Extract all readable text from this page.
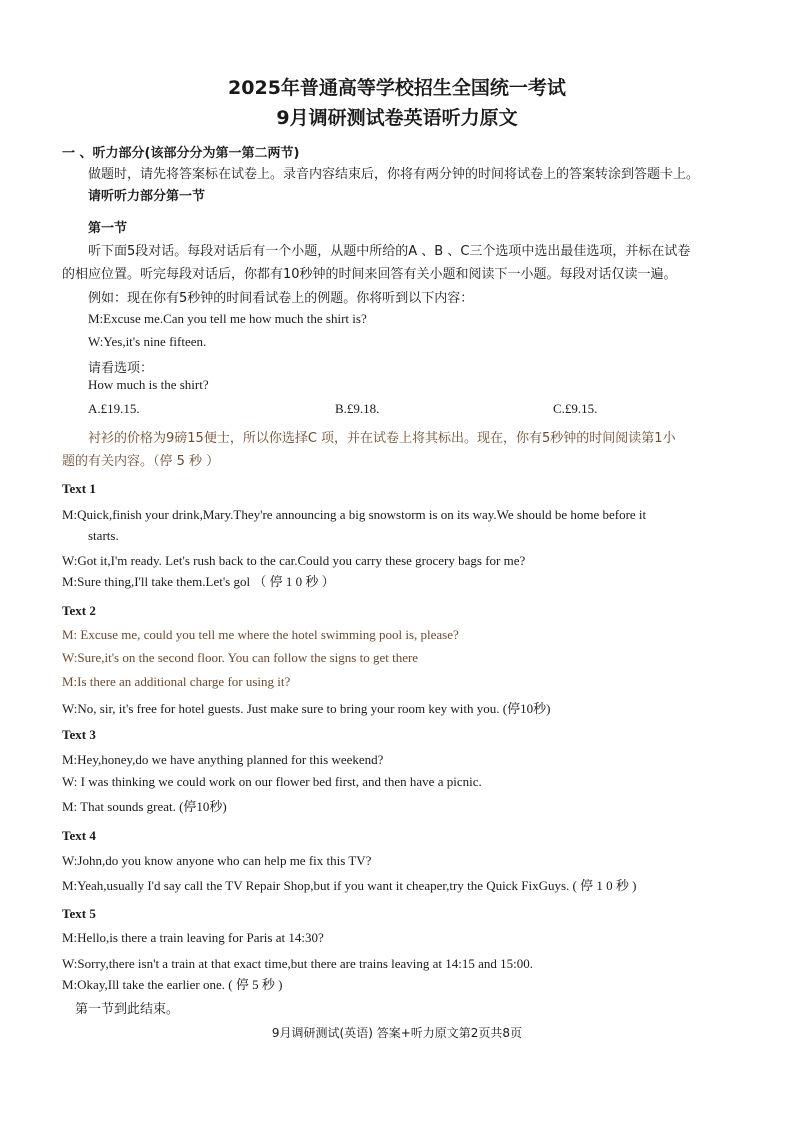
2025年普通高等学校招生全国统一考试
9月调研测试卷英语听力原文
一 、听力部分(该部分分为第一第二两节)
做题时，请先将答案标在试卷上。录音内容结束后，你将有两分钟的时间将试卷上的答案转涂到答题卡上。
请听听力部分第一节
第一节
听下面5段对话。每段对话后有一个小题，从题中所给的A 、B 、C三个选项中选出最佳选项，并标在试卷
的相应位置。听完每段对话后，你都有10秒钟的时间来回答有关小题和阅读下一小题。每段对话仅读一遍。
例如：现在你有5秒钟的时间看试卷上的例题。你将听到以下内容：
M:Excuse me.Can you tell me how much the shirt is?
W:Yes,it's nine fifteen.
请看选项：
How much is the shirt?
A.£19.15.	B.£9.18.	C.£9.15.
衬衫的价格为9磅15便士，所以你选择C 项，并在试卷上将其标出。现在，你有5秒钟的时间阅读第1小
题的有关内容。（停 5 秒 ）
Text 1
M:Quick,finish your drink,Mary.They're announcing a big snowstorm is on its way.We should be home before it
starts.
W:Got it,I'm ready. Let's rush back to the car.Could you carry these grocery bags for me?
M:Sure thing,I'll take them.Let's gol （ 停 1 0 秒 ）
Text 2
M: Excuse me, could you tell me where the hotel swimming pool is, please?
W:Sure,it's on the second floor. You can follow the signs to get there
M:Is there an additional charge for using it?
W:No, sir, it's free for hotel guests. Just make sure to bring your room key with you. (停10秒)
Text 3
M:Hey,honey,do we have anything planned for this weekend?
W: I was thinking we could work on our flower bed first, and then have a picnic.
M: That sounds great. (停10秒)
Text 4
W:John,do you know anyone who can help me fix this TV?
M:Yeah,usually I'd say call the TV Repair Shop,but if you want it cheaper,try the Quick FixGuys. ( 停 1 0 秒 )
Text 5
M:Hello,is there a train leaving for Paris at 14:30?
W:Sorry,there isn't a train at that exact time,but there are trains leaving at 14:15 and 15:00.
M:Okay,Ill take the earlier one. ( 停 5 秒 )
第一节到此结束。
9月调研测试(英语) 答案+听力原文第2页共8页
